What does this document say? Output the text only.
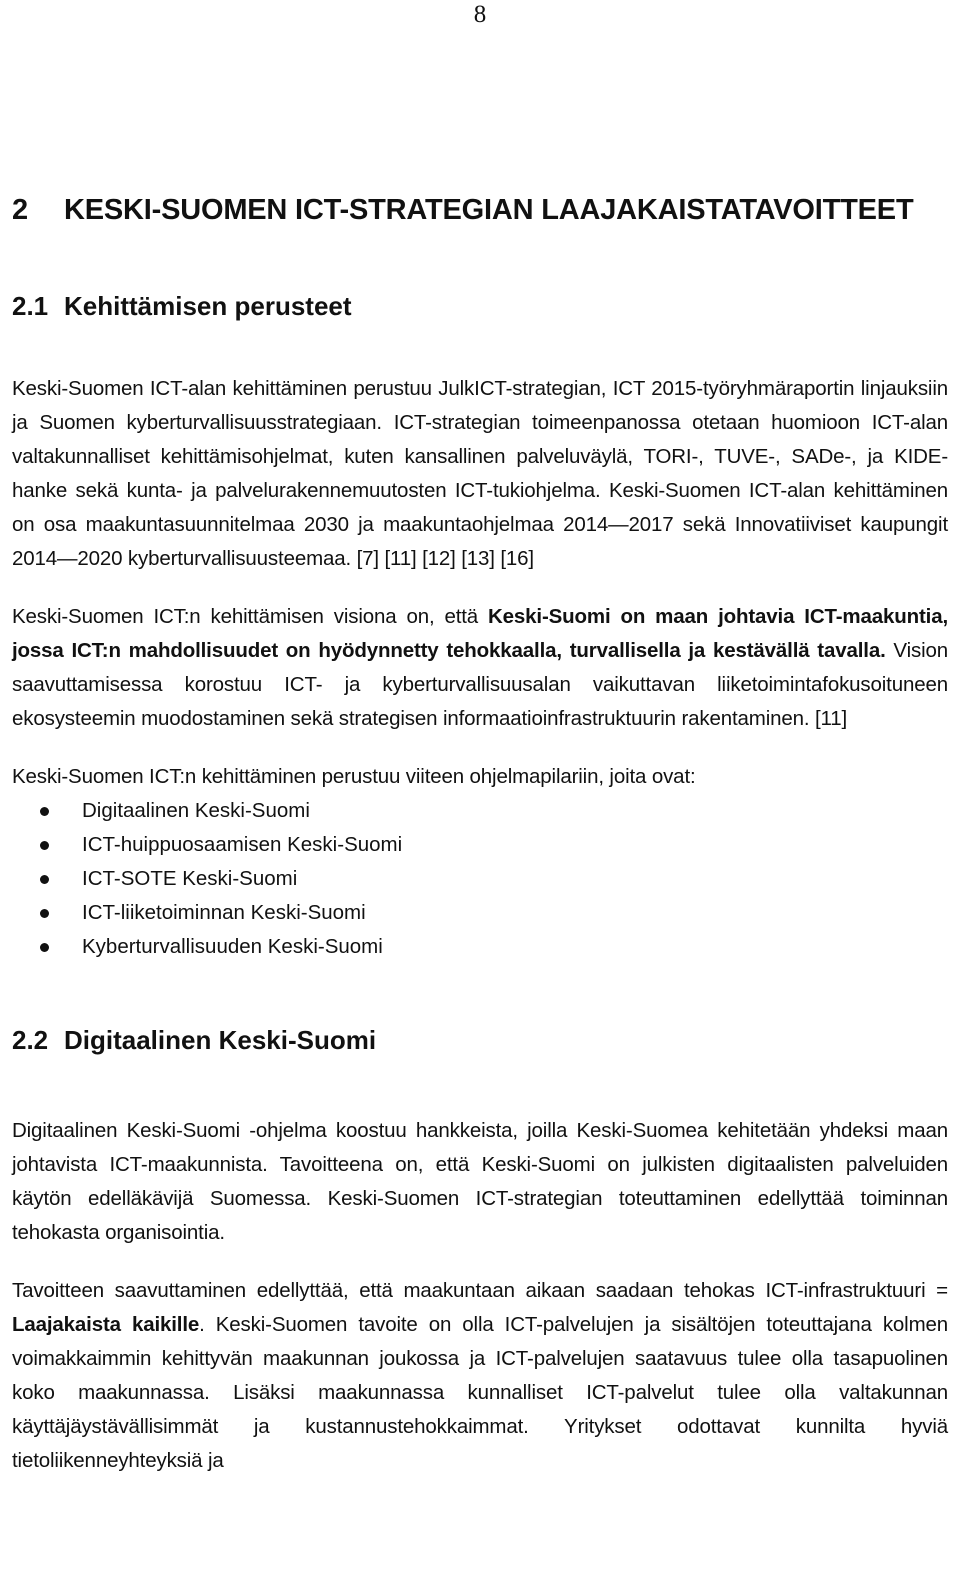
8
2 KESKI-SUOMEN ICT-STRATEGIAN LAAJAKAISTATAVOITTEET
2.1 Kehittämisen perusteet

Keski-Suomen ICT-alan kehittäminen perustuu JulkICT-strategian, ICT 2015-työryhmäraportin linjauksiin ja Suomen kyberturvallisuusstrategiaan. ICT-strategian toimeenpanossa otetaan huomioon ICT-alan valtakunnalliset kehittämisohjelmat, kuten kansallinen palveluväylä, TORI-, TUVE-, SADe-, ja KIDE-hanke sekä kunta- ja palvelurakennemuutosten ICT-tukiohjelma. Keski-Suomen ICT-alan kehittäminen on osa maakuntasuunnitelmaa 2030 ja maakuntaohjelmaa 2014—2017 sekä Innovatiiviset kaupungit 2014—2020 kyberturvallisuusteemaa. [7] [11] [12] [13] [16]

Keski-Suomen ICT:n kehittämisen visiona on, että Keski-Suomi on maan johtavia ICT-maakuntia, jossa ICT:n mahdollisuudet on hyödynnetty tehokkaalla, turvallisella ja kestävällä tavalla. Vision saavuttamisessa korostuu ICT- ja kyberturvallisuusalan vaikuttavan liiketoimintafokusoituneen ekosysteemin muodostaminen sekä strategisen informaatioinfrastruktuurin rakentaminen. [11]

Keski-Suomen ICT:n kehittäminen perustuu viiteen ohjelmapilariin, joita ovat:

Digitaalinen Keski-Suomi
ICT-huippuosaamisen Keski-Suomi
ICT-SOTE Keski-Suomi
ICT-liiketoiminnan Keski-Suomi
Kyberturvallisuuden Keski-Suomi
2.2 Digitaalinen Keski-Suomi

Digitaalinen Keski-Suomi -ohjelma koostuu hankkeista, joilla Keski-Suomea kehitetään yhdeksi maan johtavista ICT-maakunnista. Tavoitteena on, että Keski-Suomi on julkisten digitaalisten palveluiden käytön edelläkävijä Suomessa. Keski-Suomen ICT-strategian toteuttaminen edellyttää toiminnan tehokasta organisointia.

Tavoitteen saavuttaminen edellyttää, että maakuntaan aikaan saadaan tehokas ICT-infrastruktuuri = Laajakaista kaikille. Keski-Suomen tavoite on olla ICT-palvelujen ja sisältöjen toteuttajana kolmen voimakkaimmin kehittyvän maakunnan joukossa ja ICT-palvelujen saatavuus tulee olla tasapuolinen koko maakunnassa. Lisäksi maakunnassa kunnalliset ICT-palvelut tulee olla valtakunnan käyttäjäystävällisimmät ja kustannustehokkaimmat. Yritykset odottavat kunnilta hyviä tietoliikenneyhteyksiä ja
